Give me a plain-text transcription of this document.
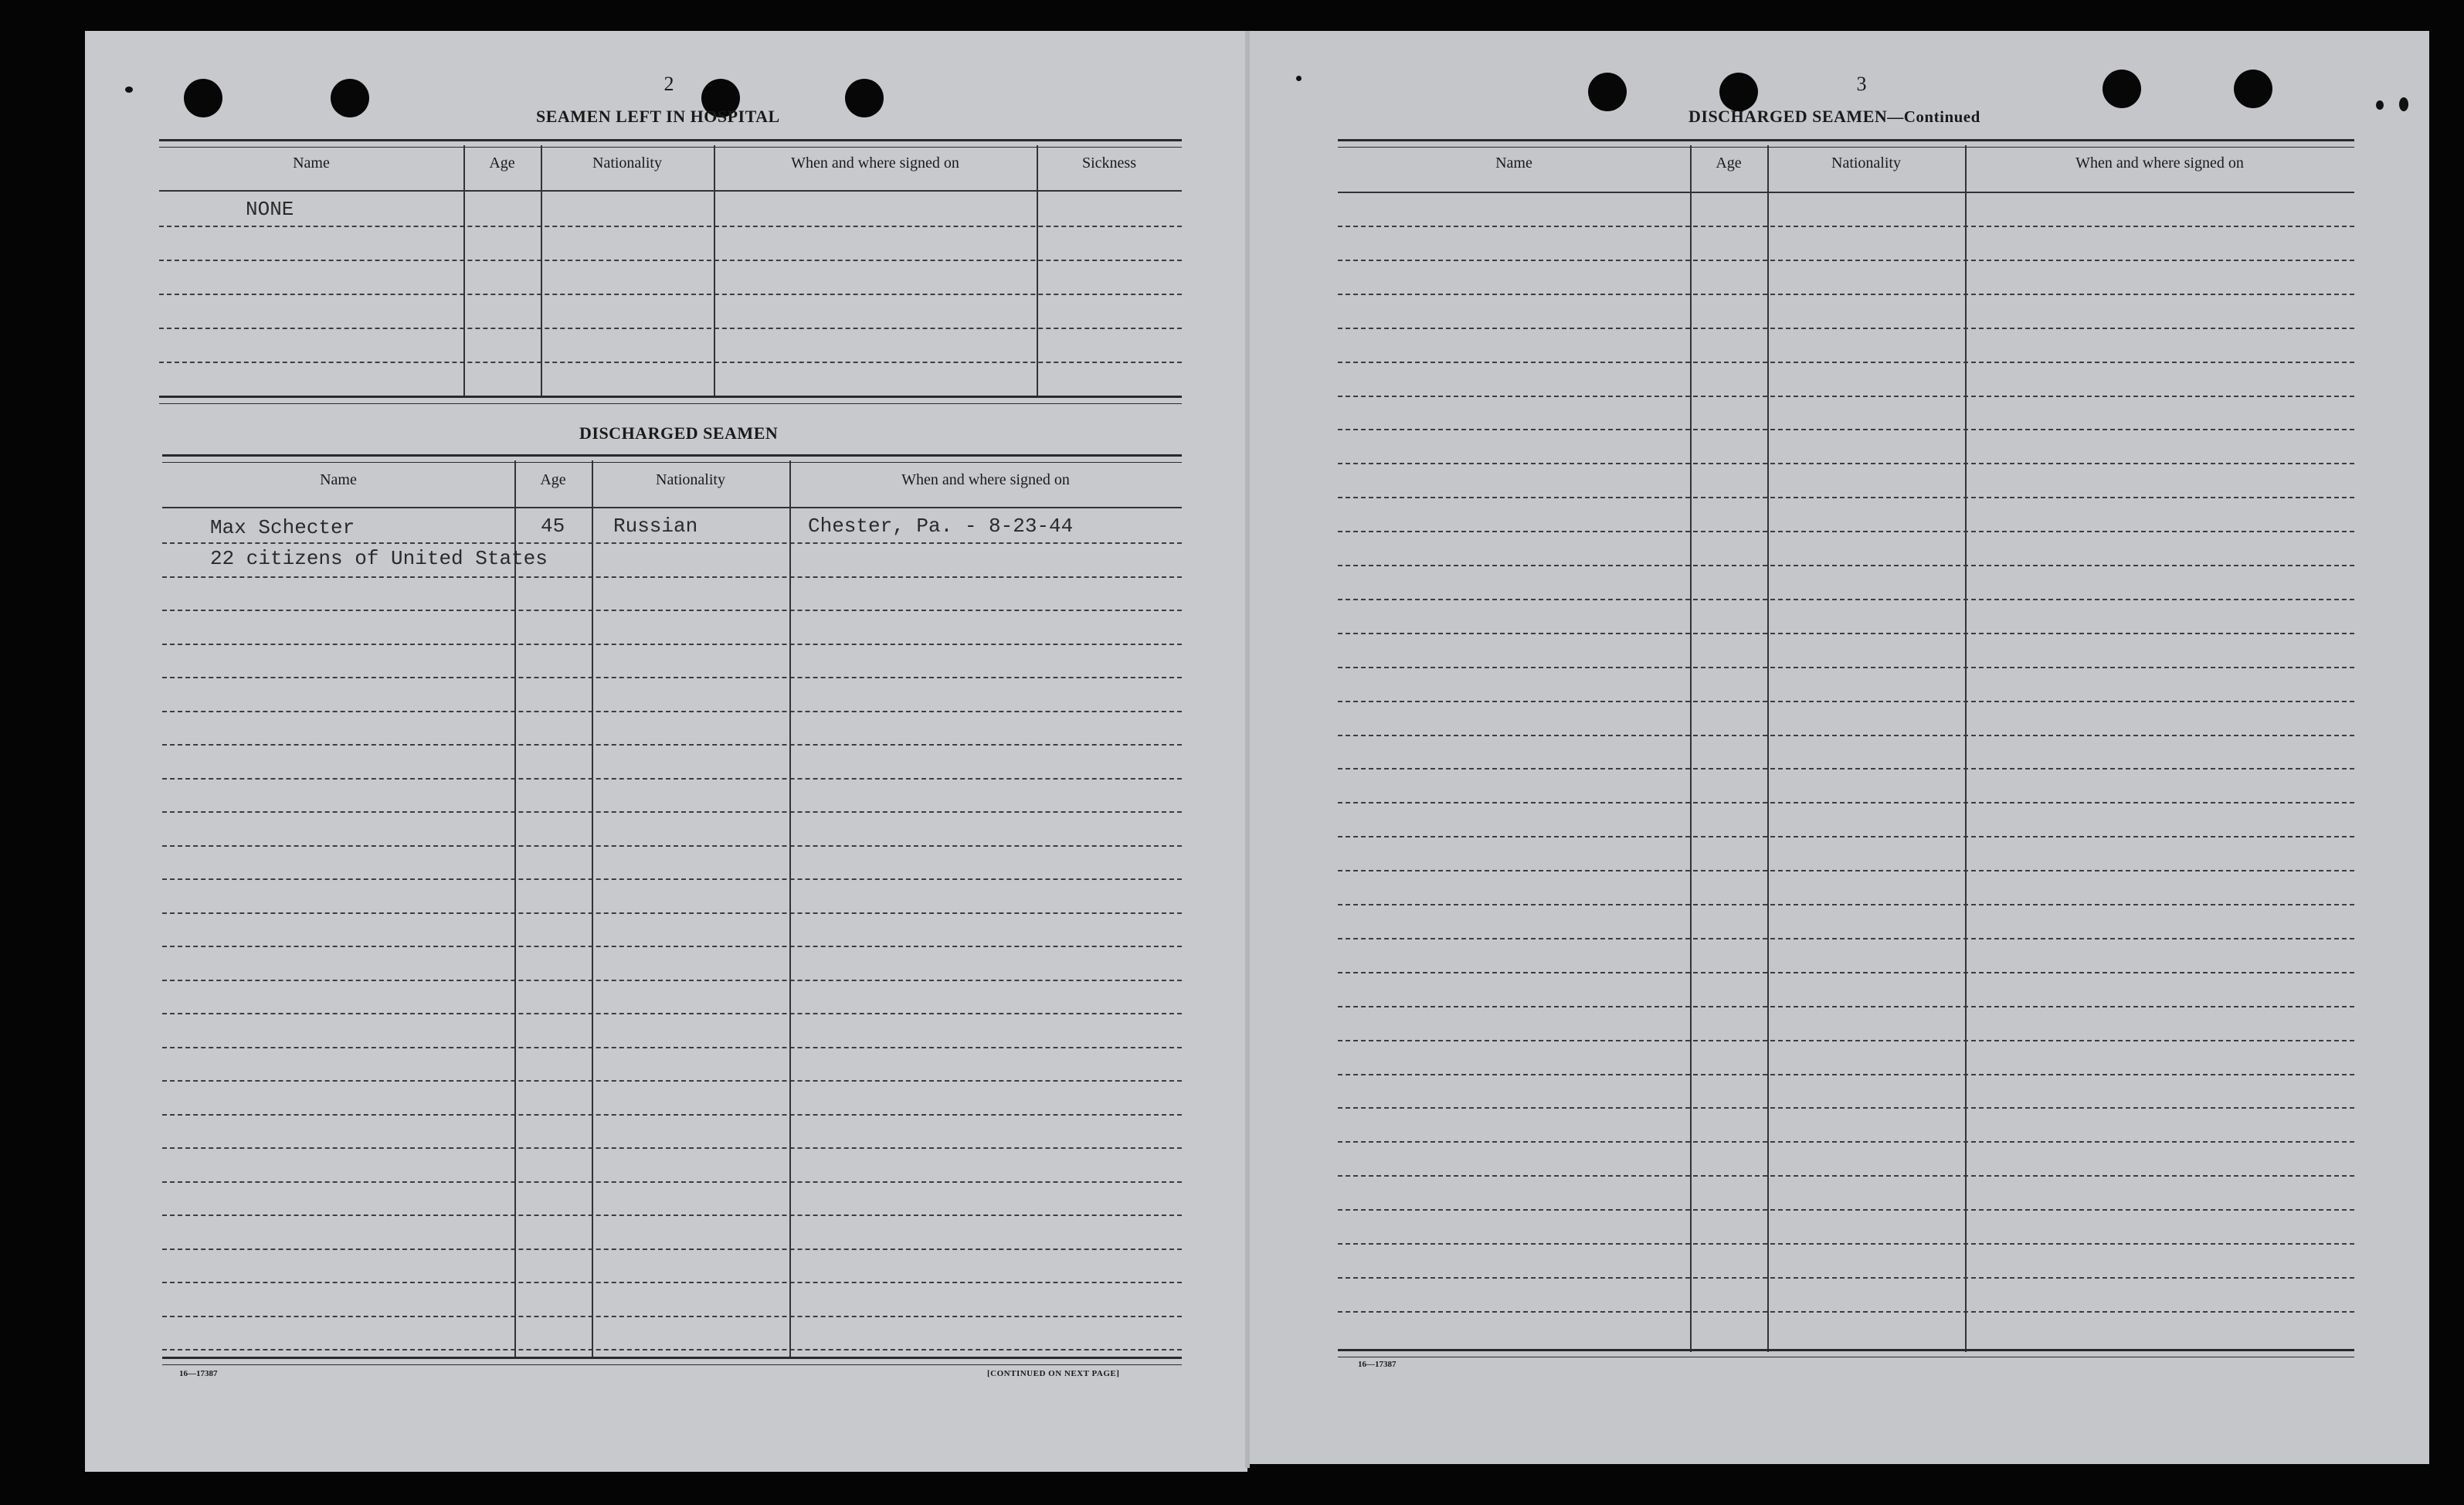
2
SEAMEN LEFT IN HOSPITAL
Name	Age	Nationality	When and where signed on	Sickness
NONE
DISCHARGED SEAMEN
Name	Age	Nationality	When and where signed on
Max Schecter	45 Russian	Chester, Pa. - 8-23-44
22 citizens of United States
16—17387	[CONTINUED ON NEXT PAGE]
3
DISCHARGED SEAMEN—Continued
Name	Age	Nationality	When and where signed on
16—17387
